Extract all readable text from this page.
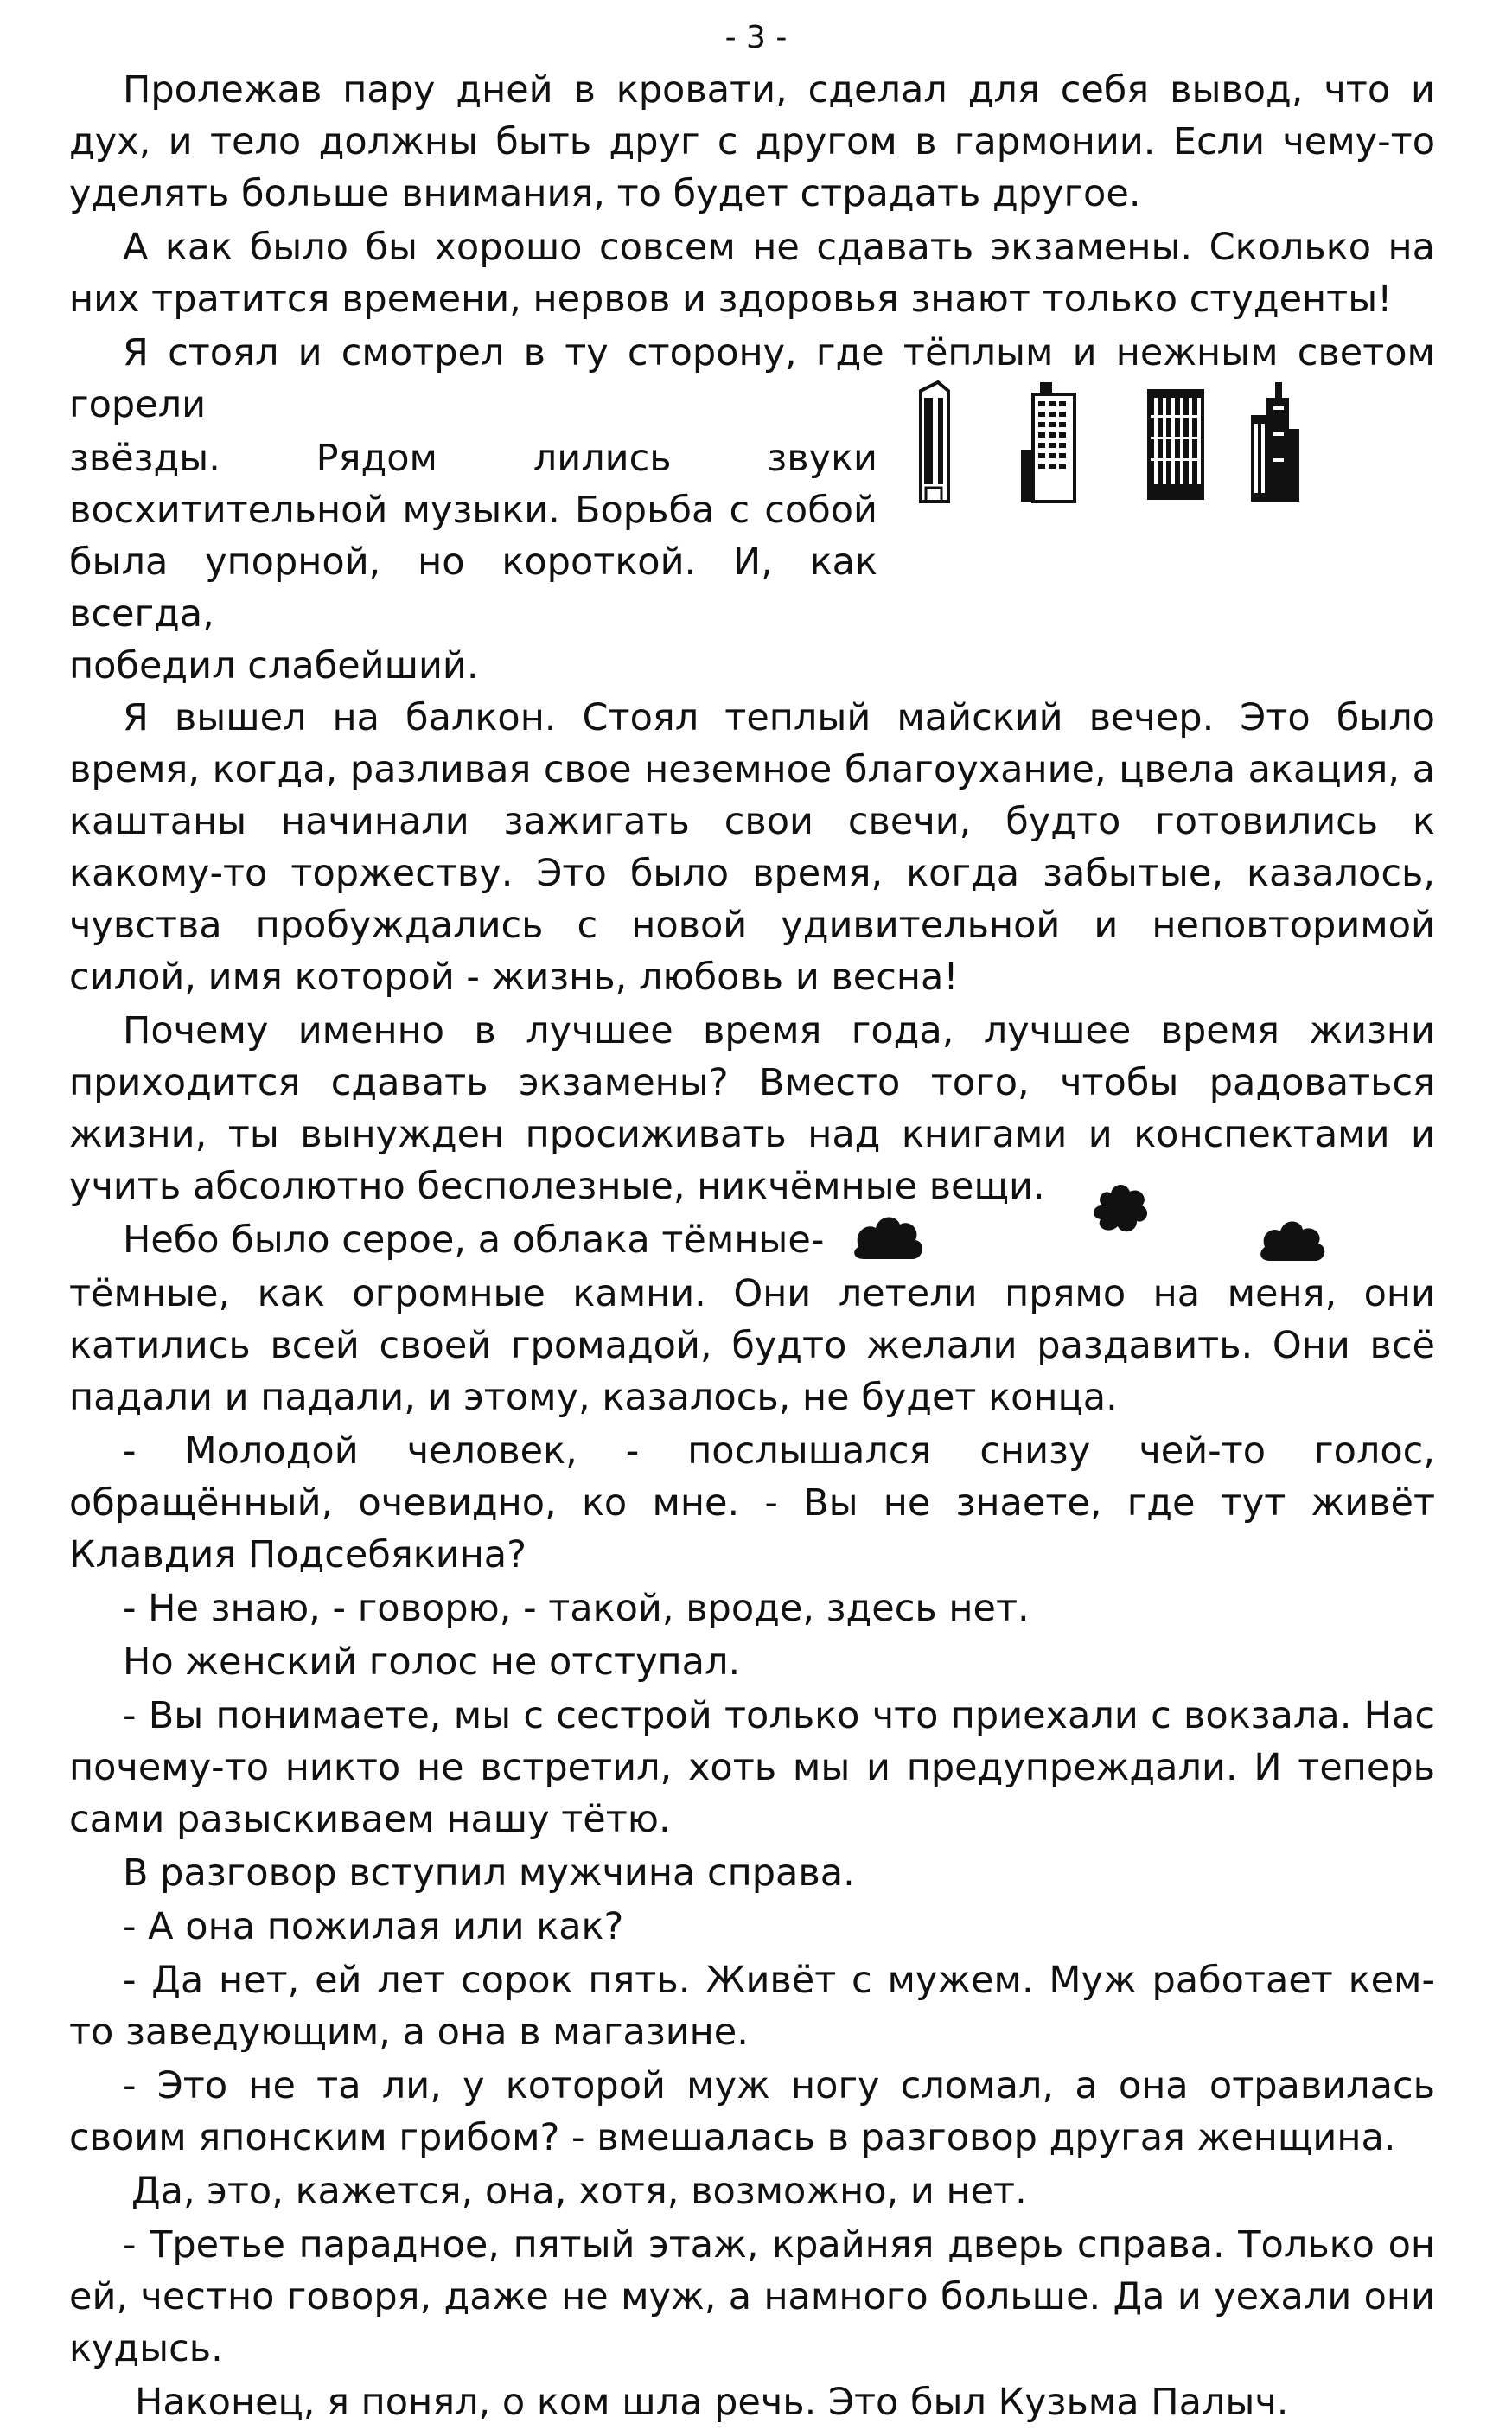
- 3 -

Пролежав пару дней в кровати, сделал для себя вывод, что и дух, и тело должны быть друг с другом в гармонии. Если чему-то уделять больше внимания, то будет страдать другое.

А как было бы хорошо совсем не сдавать экзамены. Сколько на них тратится времени, нервов и здоровья знают только студенты!

Я стоял и смотрел в ту сторону, где тёплым и нежным светом горели

звёзды. Рядом лились звуки
восхитительной музыки. Борьба с собой
была упорной, но короткой. И, как всегда,
победил слабейший.

Я вышел на балкон. Стоял теплый майский вечер. Это было время, когда, разливая свое неземное благоухание, цвела акация, а каштаны начинали зажигать свои свечи, будто готовились к какому-то торжеству. Это было время, когда забытые, казалось, чувства пробуждались с новой удивительной и неповторимой силой, имя которой - жизнь, любовь и весна!

Почему именно в лучшее время года, лучшее время жизни приходится сдавать экзамены? Вместо того, чтобы радоваться жизни, ты вынужден просиживать над книгами и конспектами и учить абсолютно бесполезные, никчёмные вещи.

Небо было серое, а облака тёмные-

тёмные, как огромные камни. Они летели прямо на меня, они катились всей своей громадой, будто желали раздавить. Они всё падали и падали, и этому, казалось, не будет конца.

- Молодой человек, - послышался снизу чей-то голос, обращённый, очевидно, ко мне. - Вы не знаете, где тут живёт Клавдия Подсебякина?

- Не знаю, - говорю, - такой, вроде, здесь нет.

Но женский голос не отступал.

- Вы понимаете, мы с сестрой только что приехали с вокзала. Нас почему-то никто не встретил, хоть мы и предупреждали. И теперь сами разыскиваем нашу тётю.

В разговор вступил мужчина справа.

- А она пожилая или как?

- Да нет, ей лет сорок пять. Живёт с мужем. Муж работает кем-то заведующим, а она в магазине.

- Это не та ли, у которой муж ногу сломал, а она отравилась своим японским грибом? - вмешалась в разговор другая женщина.

Да, это, кажется, она, хотя, возможно, и нет.

- Третье парадное, пятый этаж, крайняя дверь справа. Только он ей, честно говоря, даже не муж, а намного больше. Да и уехали они кудысь.

Наконец, я понял, о ком шла речь. Это был Кузьма Палыч.
